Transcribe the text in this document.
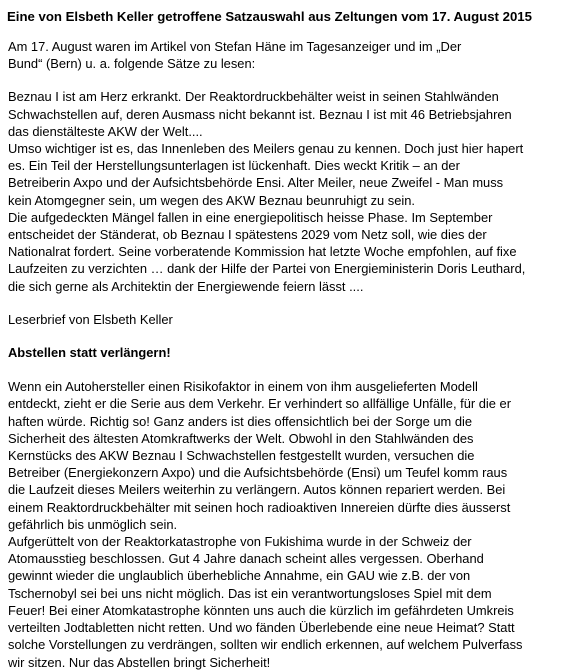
Eine von Elsbeth Keller getroffene Satzauswahl aus Zeltungen vom 17. August 2015
Am 17. August waren im Artikel von Stefan Häne im Tagesanzeiger und im „Der
Bund“ (Bern) u. a. folgende Sätze zu lesen:
Beznau I ist am Herz erkrankt. Der Reaktordruckbehälter weist in seinen Stahlwänden
Schwachstellen auf, deren Ausmass nicht bekannt ist. Beznau I ist mit 46 Betriebsjahren
das dienstälteste AKW der Welt....
Umso wichtiger ist es, das Innenleben des Meilers genau zu kennen. Doch just hier hapert
es. Ein Teil der Herstellungsunterlagen ist lückenhaft. Dies weckt Kritik – an der
Betreiberin Axpo und der Aufsichtsbehörde Ensi. Alter Meiler, neue Zweifel - Man muss
kein Atomgegner sein, um wegen des AKW Beznau beunruhigt zu sein.
Die aufgedeckten Mängel fallen in eine energiepolitisch heisse Phase. Im September
entscheidet der Ständerat, ob Beznau I spätestens 2029 vom Netz soll, wie dies der
Nationalrat fordert. Seine vorberatende Kommission hat letzte Woche empfohlen, auf fixe
Laufzeiten zu verzichten … dank der Hilfe der Partei von Energieministerin Doris Leuthard,
die sich gerne als Architektin der Energiewende feiern lässt ....
Leserbrief von Elsbeth Keller
Abstellen statt verlängern!
Wenn ein Autohersteller einen Risikofaktor in einem von ihm ausgelieferten Modell
entdeckt, zieht er die Serie aus dem Verkehr. Er verhindert so allfällige Unfälle, für die er
haften würde. Richtig so! Ganz anders ist dies offensichtlich bei der Sorge um die
Sicherheit des ältesten Atomkraftwerks der Welt. Obwohl in den Stahlwänden des
Kernstücks des AKW Beznau I Schwachstellen festgestellt wurden, versuchen die
Betreiber (Energiekonzern Axpo) und die Aufsichtsbehörde (Ensi) um Teufel komm raus
die Laufzeit dieses Meilers weiterhin zu verlängern. Autos können repariert werden. Bei
einem Reaktordruckbehälter mit seinen hoch radioaktiven Innereien dürfte dies äusserst
gefährlich bis unmöglich sein.
Aufgerüttelt von der Reaktorkatastrophe von Fukishima wurde in der Schweiz der
Atomausstieg beschlossen. Gut 4 Jahre danach scheint alles vergessen. Oberhand
gewinnt wieder die unglaublich überhebliche Annahme, ein GAU wie z.B. der von
Tschernobyl sei bei uns nicht möglich. Das ist ein verantwortungsloses Spiel mit dem
Feuer! Bei einer Atomkatastrophe könnten uns auch die kürzlich im gefährdeten Umkreis
verteilten Jodtabletten nicht retten. Und wo fänden Überlebende eine neue Heimat? Statt
solche Vorstellungen zu verdrängen, sollten wir endlich erkennen, auf welchem Pulverfass
wir sitzen. Nur das Abstellen bringt Sicherheit!
